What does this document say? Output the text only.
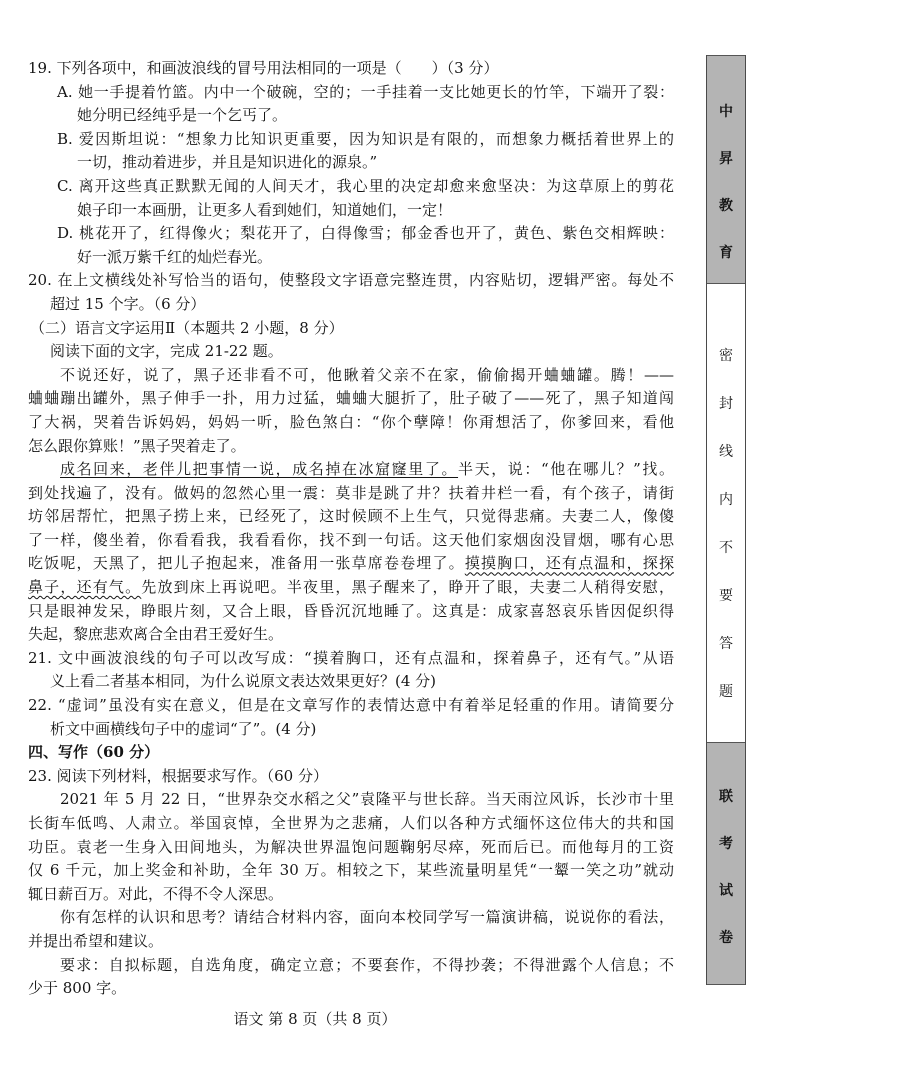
19. 下列各项中，和画波浪线的冒号用法相同的一项是（　　）（3 分）
A. 她一手提着竹篮。内中一个破碗，空的；一手挂着一支比她更长的竹竿，下端开了裂：
她分明已经纯乎是一个乞丐了。
B. 爱因斯坦说：“想象力比知识更重要，因为知识是有限的，而想象力概括着世界上的
一切，推动着进步，并且是知识进化的源泉。”
C. 离开这些真正默默无闻的人间天才，我心里的决定却愈来愈坚决：为这草原上的剪花
娘子印一本画册，让更多人看到她们，知道她们，一定！
D. 桃花开了，红得像火；梨花开了，白得像雪；郁金香也开了，黄色、紫色交相辉映：
好一派万紫千红的灿烂春光。
20. 在上文横线处补写恰当的语句，使整段文字语意完整连贯，内容贴切，逻辑严密。每处不
超过 15 个字。（6 分）
（二）语言文字运用Ⅱ（本题共 2 小题，8 分）
阅读下面的文字，完成 21-22 题。
不说还好，说了，黑子还非看不可，他瞅着父亲不在家，偷偷揭开蛐蛐罐。腾！——
蛐蛐蹦出罐外，黑子伸手一扑，用力过猛，蛐蛐大腿折了，肚子破了——死了，黑子知道闯
了大祸，哭着告诉妈妈，妈妈一听，脸色煞白：“你个孽障！你甭想活了，你爹回来，看他
怎么跟你算账！”黑子哭着走了。
成名回来，老伴儿把事情一说，成名掉在冰窟窿里了。半天，说：“他在哪儿？”找。
到处找遍了，没有。做妈的忽然心里一震：莫非是跳了井？扶着井栏一看，有个孩子，请街
坊邻居帮忙，把黑子捞上来，已经死了，这时候顾不上生气，只觉得悲痛。夫妻二人，像傻
了一样，傻坐着，你看看我，我看看你，找不到一句话。这天他们家烟囱没冒烟，哪有心思
吃饭呢，天黑了，把儿子抱起来，准备用一张草席卷卷埋了。摸摸胸口，还有点温和，探探
鼻子，还有气。先放到床上再说吧。半夜里，黑子醒来了，睁开了眼，夫妻二人稍得安慰，
只是眼神发呆，睁眼片刻，又合上眼，昏昏沉沉地睡了。这真是：成家喜怒哀乐皆因促织得
失起，黎庶悲欢离合全由君王爱好生。
21. 文中画波浪线的句子可以改写成：“摸着胸口，还有点温和，探着鼻子，还有气。”从语
义上看二者基本相同，为什么说原文表达效果更好？(4 分)
22. “虚词”虽没有实在意义，但是在文章写作的表情达意中有着举足轻重的作用。请简要分
析文中画横线句子中的虚词“了”。(4 分)
四、写作（60 分）
23. 阅读下列材料，根据要求写作。（60 分）
2021 年 5 月 22 日，“世界杂交水稻之父”袁隆平与世长辞。当天雨泣风诉，长沙市十里
长街车低鸣、人肃立。举国哀悼，全世界为之悲痛，人们以各种方式缅怀这位伟大的共和国
功臣。袁老一生身入田间地头，为解决世界温饱问题鞠躬尽瘁，死而后已。而他每月的工资
仅 6 千元，加上奖金和补助，全年 30 万。相较之下，某些流量明星凭“一颦一笑之功”就动
辄日薪百万。对此，不得不令人深思。
你有怎样的认识和思考？请结合材料内容，面向本校同学写一篇演讲稿，说说你的看法，
并提出希望和建议。
要求：自拟标题，自选角度，确定立意；不要套作，不得抄袭；不得泄露个人信息；不
少于 800 字。
中
昇
教
育
密
封
线
内
不
要
答
题
联
考
试
卷
语文 第 8 页（共 8 页）
